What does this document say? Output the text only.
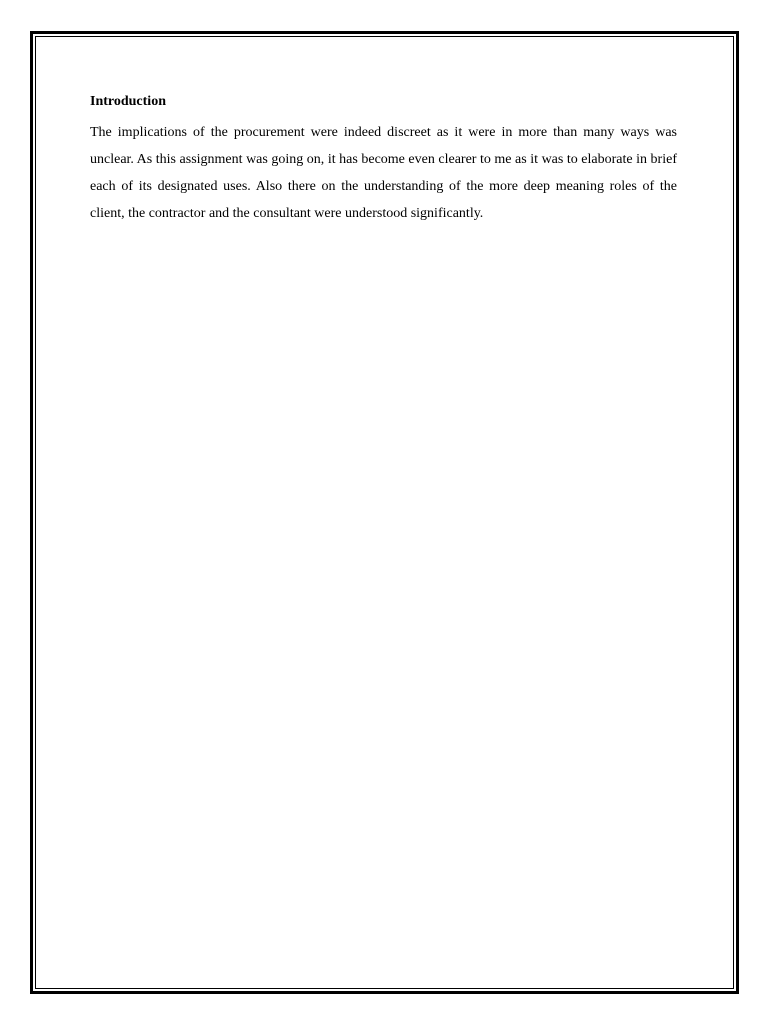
Introduction

The implications of the procurement were indeed discreet as it were in more than many ways was unclear. As this assignment was going on, it has become even clearer to me as it was to elaborate in brief each of its designated uses. Also there on the understanding of the more deep meaning roles of the client, the contractor and the consultant were understood significantly.
